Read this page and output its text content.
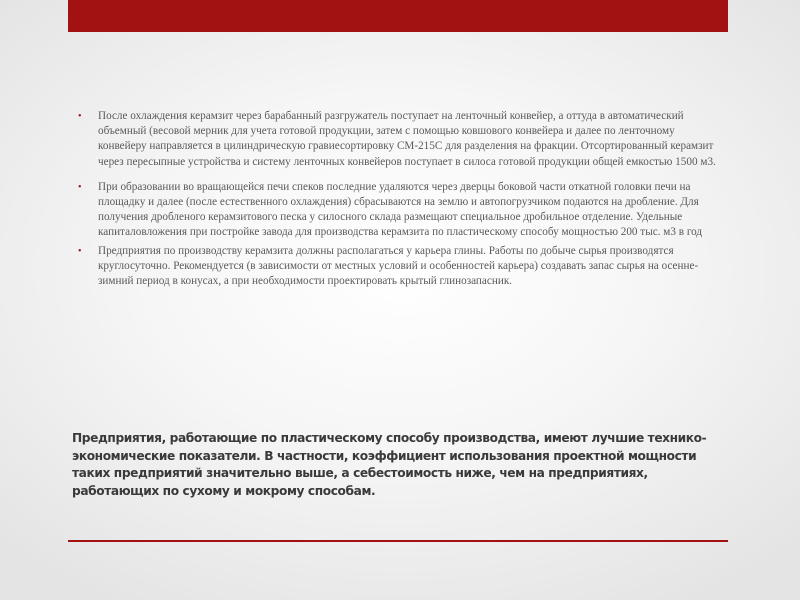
• После охлаждения керамзит через барабанный разгружатель поступает на ленточный конвейер, а оттуда в автоматический объемный (весовой мерник для учета готовой продукции, затем с помощью ковшового конвейера и далее по ленточному конвейеру направляется в цилиндрическую гравиесортировку СМ-215С для разделения на фракции. Отсортированный керамзит через пересыпные устройства и систему ленточных конвейеров поступает в силоса готовой продукции общей емкостью 1500 м3.
• При образовании во вращающейся печи спеков последние удаляются через дверцы боковой части откатной головки печи на площадку и далее (после естественного охлаждения) сбрасываются на землю и автопогрузчиком подаются на дробление. Для получения дробленого керамзитового песка у силосного склада размещают специальное дробильное отделение. Удельные капиталовложения при постройке завода для производства керамзита по пластическому способу мощностью 200 тыс. м3 в год
• Предприятия по производству керамзита должны располагаться у карьера глины. Работы по добыче сырья производятся круглосуточно. Рекомендуется (в зависимости от местных условий и особенностей карьера) создавать запас сырья на осенне-зимний период в конусах, а при необходимости проектировать крытый глинозапасник.

Предприятия, работающие по пластическому способу производства, имеют лучшие технико-экономические показатели. В частности, коэффициент использования проектной мощности таких предприятий значительно выше, а себестоимость ниже, чем на предприятиях, работающих по сухому и мокрому способам.
